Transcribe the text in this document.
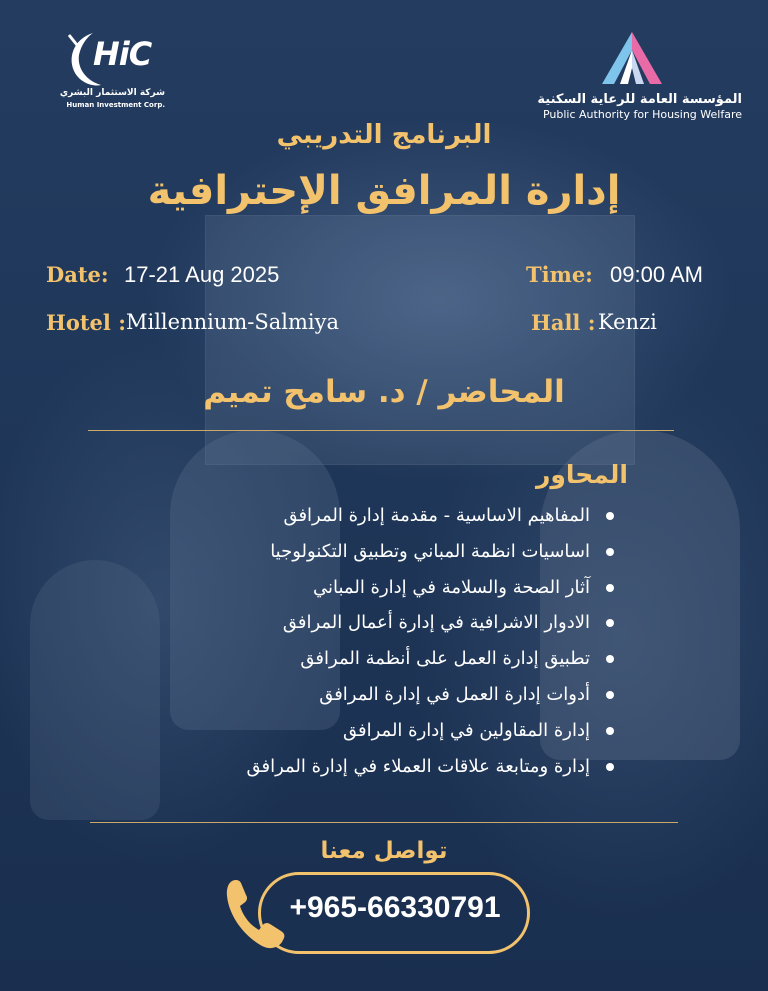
HiC
شركة الاستثمار البشري
Human Investment Corp.	المؤسسة العامة للرعاية السكنية
Public Authority for Housing Welfare
البرنامج التدريبي
إدارة المرافق الإحترافية
Date: 17-21 Aug 2025	Time: 09:00 AM
Hotel : Millennium-Salmiya	Hall : Kenzi
المحاضر / د. سامح تميم
المحاور
المفاهيم الاساسية - مقدمة إدارة المرافق
اساسيات انظمة المباني وتطبيق التكنولوجيا
آثار الصحة والسلامة في إدارة المباني
الادوار الاشرافية في إدارة أعمال المرافق
تطبيق إدارة العمل على أنظمة المرافق
أدوات إدارة العمل في إدارة المرافق
إدارة المقاولين في إدارة المرافق
إدارة ومتابعة علاقات العملاء في إدارة المرافق
تواصل معنا
+965-66330791
